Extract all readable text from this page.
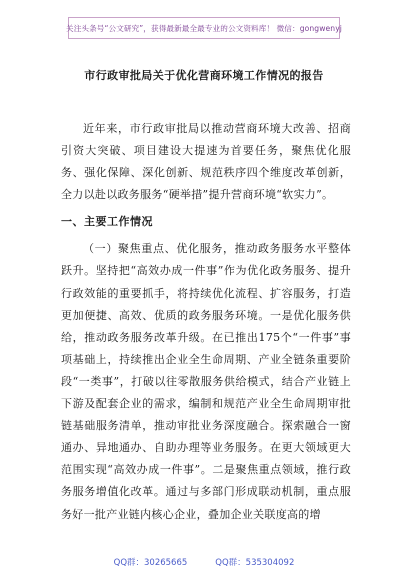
关注头条号“公文研究”，获得最新最全最专业的公文资料库！ 微信：gongwenyj
市行政审批局关于优化营商环境工作情况的报告

近年来，市行政审批局以推动营商环境大改善、招商引资大突破、项目建设大提速为首要任务，聚焦优化服务、强化保障、深化创新、规范秩序四个维度改革创新，全力以赴以政务服务“硬举措”提升营商环境“软实力”。

一、主要工作情况

（一）聚焦重点、优化服务，推动政务服务水平整体跃升。坚持把“高效办成一件事”作为优化政务服务、提升行政效能的重要抓手，将持续优化流程、扩容服务，打造更加便捷、高效、优质的政务服务环境。一是优化服务供给，推动政务服务改革升级。在已推出175个“一件事”事项基础上，持续推出企业全生命周期、产业全链条重要阶段“一类事”，打破以往零散服务供给模式，结合产业链上下游及配套企业的需求，编制和规范产业全生命周期审批链基础服务清单，推动审批业务深度融合。探索融合一窗通办、异地通办、自助办理等业务服务。在更大领域更大范围实现“高效办成一件事”。二是聚焦重点领域，推行政务服务增值化改革。通过与多部门形成联动机制，重点服务好一批产业链内核心企业，叠加企业关联度高的增

QQ群：30265665	QQ群：535304092
